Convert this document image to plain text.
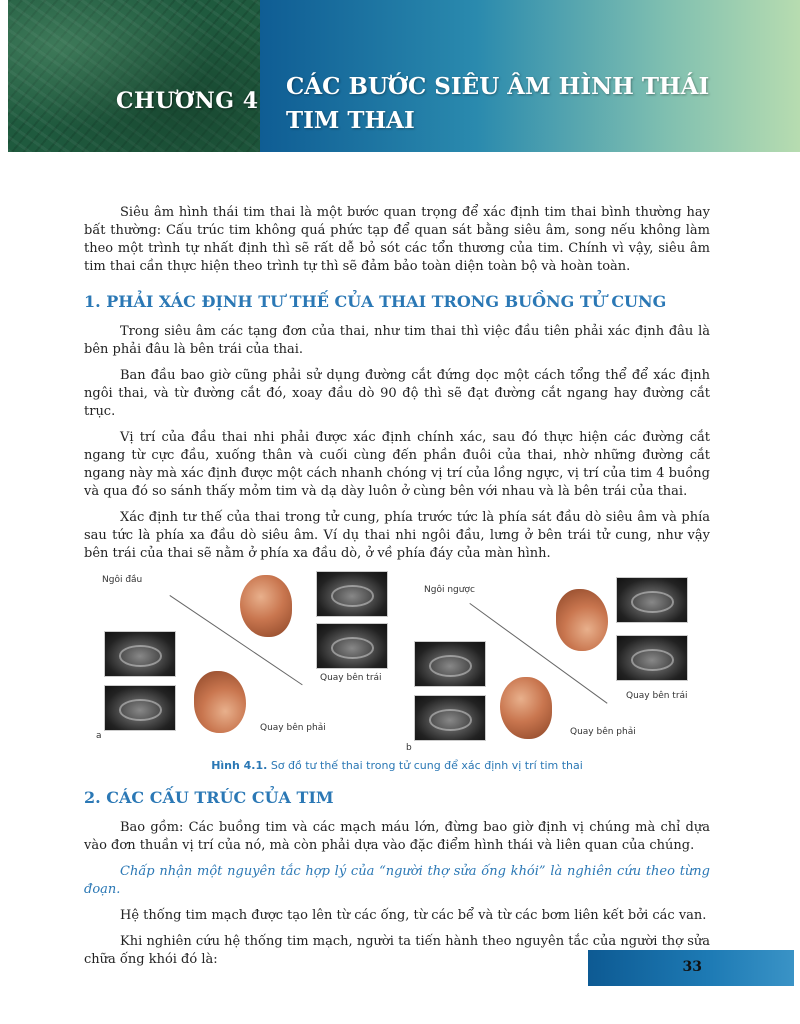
CHƯƠNG 4
CÁC BƯỚC SIÊU ÂM HÌNH THÁI TIM THAI

Siêu âm hình thái tim thai là một bước quan trọng để xác định tim thai bình thường hay bất thường: Cấu trúc tim không quá phức tạp để quan sát bằng siêu âm, song nếu không làm theo một trình tự nhất định thì sẽ rất dễ bỏ sót các tổn thương của tim. Chính vì vậy, siêu âm tim thai cần thực hiện theo trình tự thì sẽ đảm bảo toàn diện toàn bộ và hoàn toàn.

1. PHẢI XÁC ĐỊNH TƯ THẾ CỦA THAI TRONG BUỒNG TỬ CUNG

Trong siêu âm các tạng đơn của thai, như tim thai thì việc đầu tiên phải xác định đâu là bên phải đâu là bên trái của thai.

Ban đầu bao giờ cũng phải sử dụng đường cắt đứng dọc một cách tổng thể để xác định ngôi thai, và từ đường cắt đó, xoay đầu dò 90 độ thì sẽ đạt đường cắt ngang hay đường cắt trục.

Vị trí của đầu thai nhi phải được xác định chính xác, sau đó thực hiện các đường cắt ngang từ cực đầu, xuống thân và cuối cùng đến phần đuôi của thai, nhờ những đường cắt ngang này mà xác định được một cách nhanh chóng vị trí của lồng ngực, vị trí của tim 4 buồng và qua đó so sánh thấy mỏm tim và dạ dày luôn ở cùng bên với nhau và là bên trái của thai.

Xác định tư thế của thai trong tử cung, phía trước tức là phía sát đầu dò siêu âm và phía sau tức là phía xa đầu dò siêu âm. Ví dụ thai nhi ngôi đầu, lưng ở bên trái tử cung, như vậy bên trái của thai sẽ nằm ở phía xa đầu dò, ở về phía đáy của màn hình.

Ngôi đầu
Quay bên trái
Quay bên phải
a
Ngôi ngược
Quay bên trái
Quay bên phải
b
Hình 4.1. Sơ đồ tư thế thai trong tử cung để xác định vị trí tim thai
2. CÁC CẤU TRÚC CỦA TIM

Bao gồm: Các buồng tim và các mạch máu lớn, đừng bao giờ định vị chúng mà chỉ dựa vào đơn thuần vị trí của nó, mà còn phải dựa vào đặc điểm hình thái và liên quan của chúng.

Chấp nhận một nguyên tắc hợp lý của “người thợ sửa ống khói” là nghiên cứu theo từng đoạn.

Hệ thống tim mạch được tạo lên từ các ống, từ các bể và từ các bơm liên kết bởi các van.

Khi nghiên cứu hệ thống tim mạch, người ta tiến hành theo nguyên tắc của người thợ sửa chữa ống khói đó là:	33
